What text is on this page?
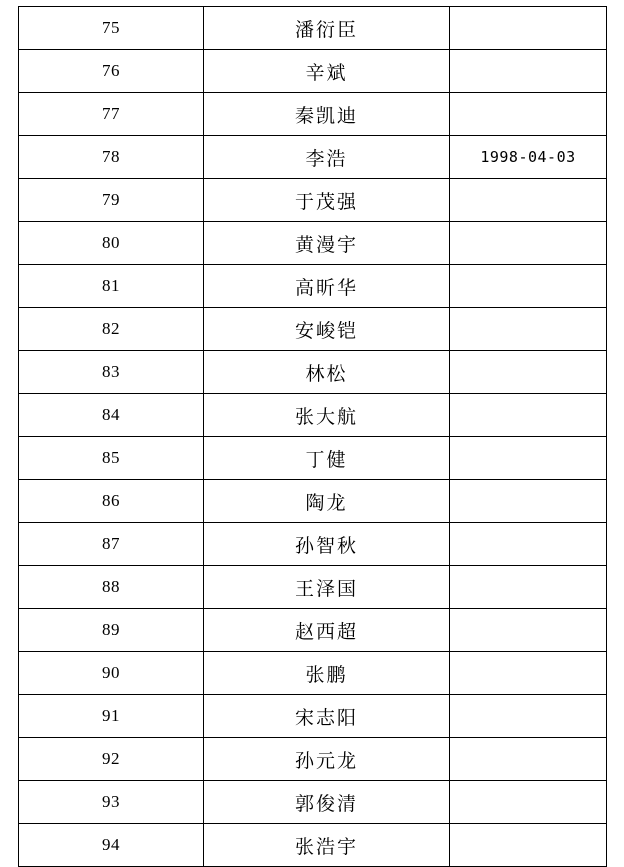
75	潘衍臣	
76	辛斌	
77	秦凯迪	
78	李浩	1998-04-03
79	于茂强	
80	黄漫宇	
81	高昕华	
82	安峻铠	
83	林松	
84	张大航	
85	丁健	
86	陶龙	
87	孙智秋	
88	王泽国	
89	赵西超	
90	张鹏	
91	宋志阳	
92	孙元龙	
93	郭俊清	
94	张浩宇	
